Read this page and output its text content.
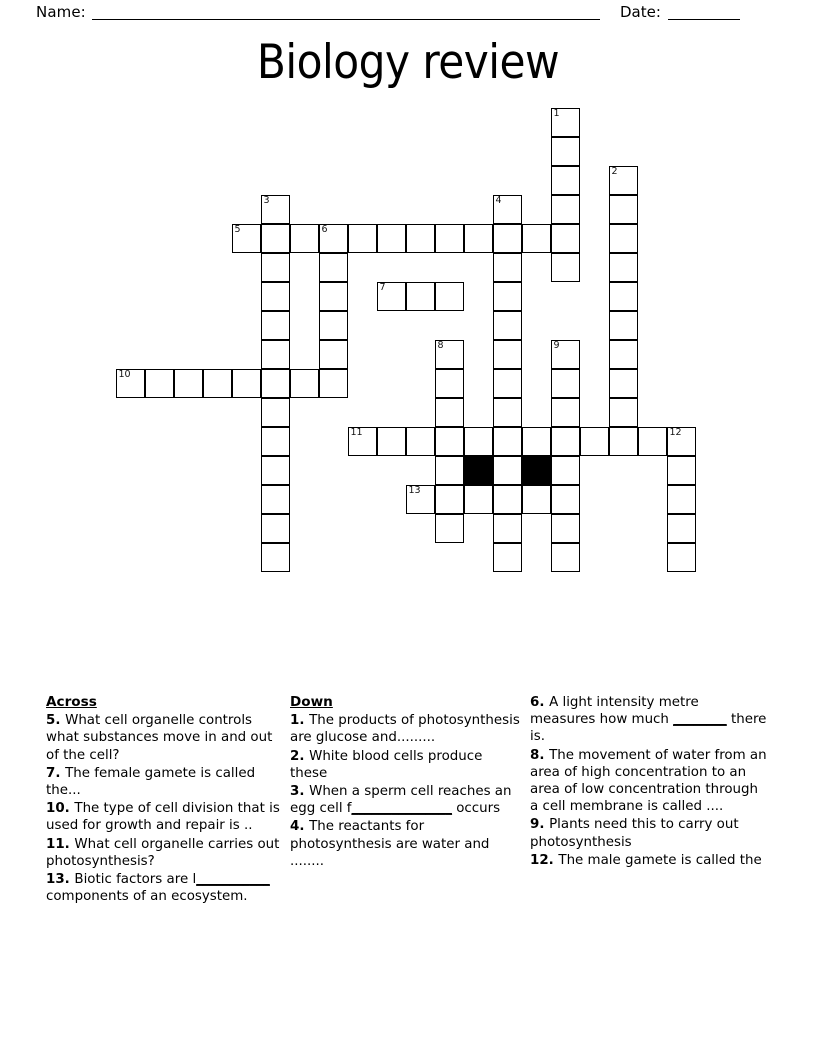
Name:	Date:
Biology review
1
2
3	4
5	6
7
8	9
10
11	12
13
Across
5. What cell organelle controls what substances move in and out of the cell?
7. The female gamete is called the...
10. The type of cell division that is used for growth and repair is ..
11. What cell organelle carries out photosynthesis?
13. Biotic factors are l___________ components of an ecosystem.
Down
1. The products of photosynthesis are glucose and.........
2. White blood cells produce these
3. When a sperm cell reaches an egg cell f_______________ occurs
4. The reactants for photosynthesis are water and ........
6. A light intensity metre measures how much ________ there is.
8. The movement of water from an area of high concentration to an area of low concentration through a cell membrane is called ....
9. Plants need this to carry out photosynthesis
12. The male gamete is called the
